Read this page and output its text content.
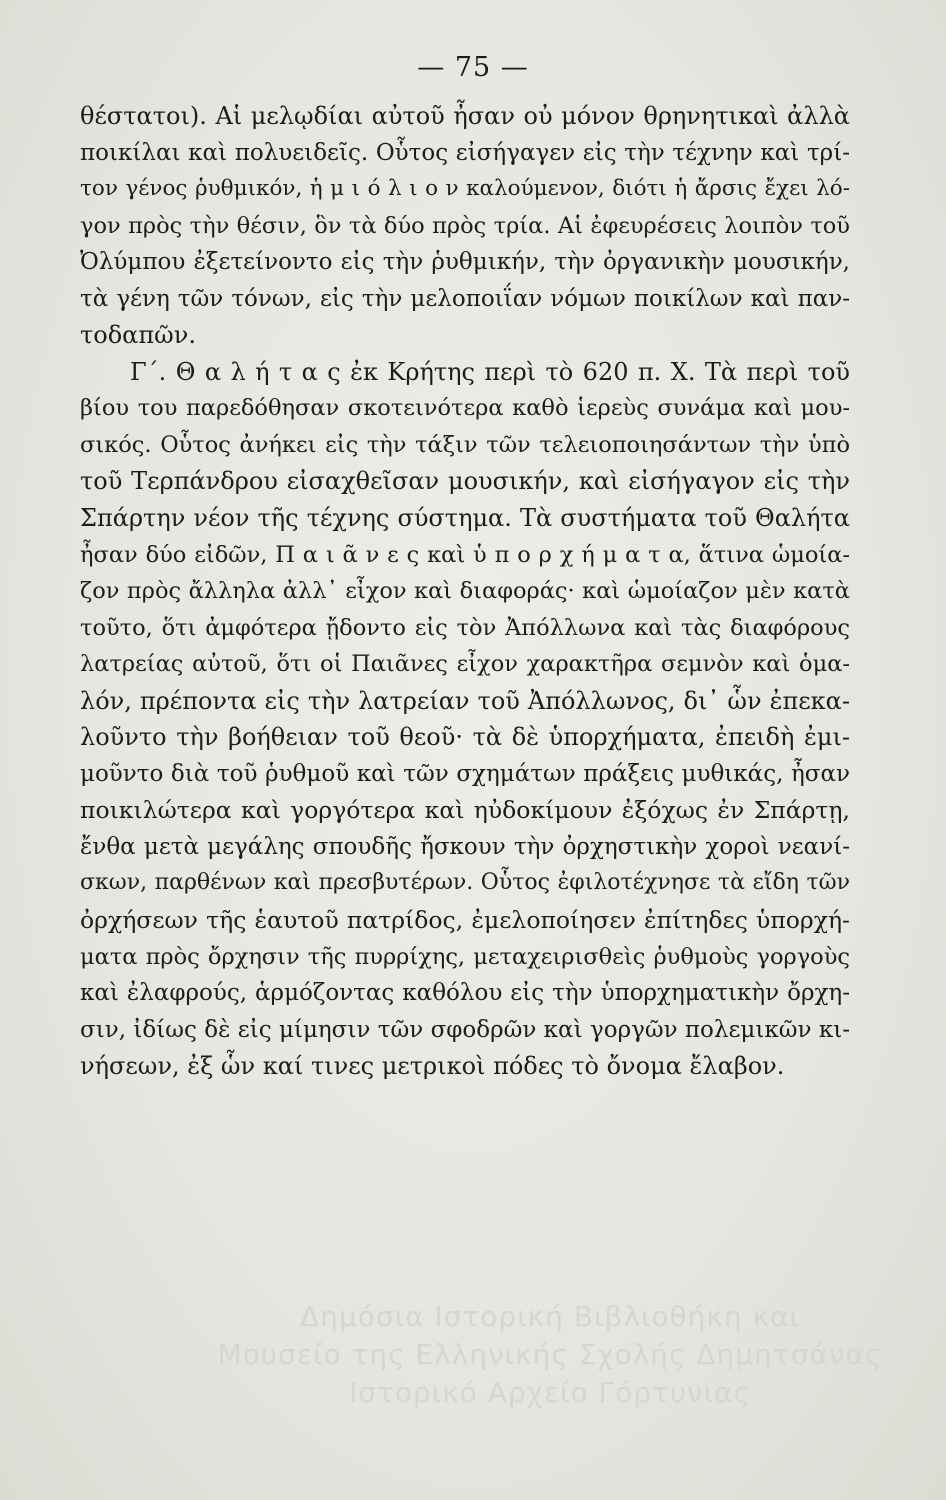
— 75 —
θέστατοι). Αἱ μελῳδίαι αὐτοῦ ἦσαν οὐ μόνον θρηνητικαὶ ἀλλὰ
ποικίλαι καὶ πολυειδεῖς. Οὗτος εἰσήγαγεν εἰς τὴν τέχνην καὶ τρί-
τον γένος ῥυθμικόν, ἡ μ ι ό λ ι ο ν καλούμενον, διότι ἡ ἄρσις ἔχει λό-
γον πρὸς τὴν θέσιν, ὃν τὰ δύο πρὸς τρία. Αἱ ἐφευρέσεις λοιπὸν τοῦ
Ὀλύμπου ἐξετείνοντο εἰς τὴν ῥυθμικήν, τὴν ὀργανικὴν μουσικήν,
τὰ γένη τῶν τόνων, εἰς τὴν μελοποιΐαν νόμων ποικίλων καὶ παν-
τοδαπῶν.
Γ΄. Θ α λ ή τ α ς ἐκ Κρήτης περὶ τὸ 620 π. Χ. Τὰ περὶ τοῦ
βίου του παρεδόθησαν σκοτεινότερα καθὸ ἱερεὺς συνάμα καὶ μου-
σικός. Οὗτος ἀνήκει εἰς τὴν τάξιν τῶν τελειοποιησάντων τὴν ὑπὸ
τοῦ Τερπάνδρου εἰσαχθεῖσαν μουσικήν, καὶ εἰσήγαγον εἰς τὴν
Σπάρτην νέον τῆς τέχνης σύστημα. Τὰ συστήματα τοῦ Θαλήτα
ἦσαν δύο εἰδῶν, Π α ι ᾶ ν ε ς καὶ ὑ π ο ρ χ ή μ α τ α, ἅτινα ὡμοία-
ζον πρὸς ἄλληλα ἀλλ᾽ εἶχον καὶ διαφοράς· καὶ ὡμοίαζον μὲν κατὰ
τοῦτο, ὅτι ἀμφότερα ᾔδοντο εἰς τὸν Ἀπόλλωνα καὶ τὰς διαφόρους
λατρείας αὐτοῦ, ὅτι οἱ Παιᾶνες εἶχον χαρακτῆρα σεμνὸν καὶ ὁμα-
λόν, πρέποντα εἰς τὴν λατρείαν τοῦ Ἀπόλλωνος, δι᾽ ὧν ἐπεκα-
λοῦντο τὴν βοήθειαν τοῦ θεοῦ· τὰ δὲ ὑπορχήματα, ἐπειδὴ ἐμι-
μοῦντο διὰ τοῦ ῥυθμοῦ καὶ τῶν σχημάτων πράξεις μυθικάς, ἦσαν
ποικιλώτερα καὶ γοργότερα καὶ ηὐδοκίμουν ἐξόχως ἐν Σπάρτῃ,
ἔνθα μετὰ μεγάλης σπουδῆς ἤσκουν τὴν ὀρχηστικὴν χοροὶ νεανί-
σκων, παρθένων καὶ πρεσβυτέρων. Οὗτος ἐφιλοτέχνησε τὰ εἴδη τῶν
ὀρχήσεων τῆς ἑαυτοῦ πατρίδος, ἐμελοποίησεν ἐπίτηδες ὑπορχή-
ματα πρὸς ὄρχησιν τῆς πυρρίχης, μεταχειρισθεὶς ῥυθμοὺς γοργοὺς
καὶ ἐλαφρούς, ἁρμόζοντας καθόλου εἰς τὴν ὑπορχηματικὴν ὄρχη-
σιν, ἰδίως δὲ εἰς μίμησιν τῶν σφοδρῶν καὶ γοργῶν πολεμικῶν κι-
νήσεων, ἐξ ὧν καί τινες μετρικοὶ πόδες τὸ ὄνομα ἔλαβον.
Δημόσια Ιστορική Βιβλιοθήκη και
Μουσείο της Ελληνικής Σχολής Δημητσάνας
Ιστορικό Αρχείο Γόρτυνιας
